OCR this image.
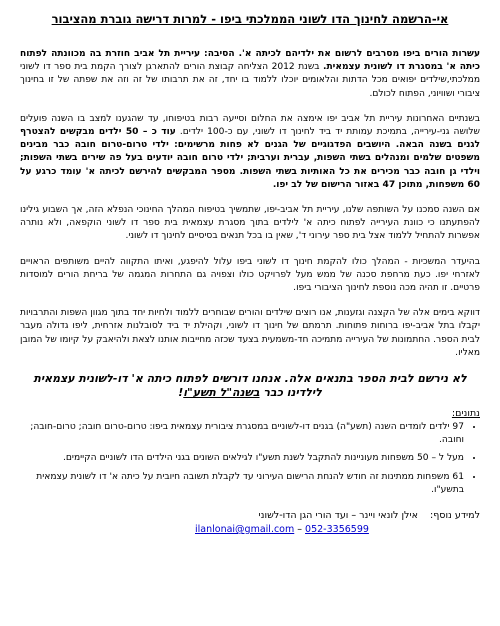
אי-הרשמה לחינוך הדו לשוני הממלכתי ביפו - למרות דרישה גוברת מהציבור

עשרות הורים ביפו מסרבים לרשום את ילדיהם לכיתה א'. הסיבה: עיריית תל אביב חוזרת בה מכוונתה לפתוח כיתה א' במסגרת דו לשונית עצמאית. בשנת 2012 הצליחה קבוצת הורים להתארגן לצורך הקמת בית ספר דו לשוני ממלכתי,שילדים יפואים מכל הדתות והלאומים יוכלו ללמוד בו יחד, זה את תרבותו של זה וזה את שפתה של זו בחינוך ציבורי ושוויוני, הפתוח לכולם.

בשנתיים האחרונות עיריית תל אביב יפו אימצה את החלום וסייעה רבות בטיפוחו, עד שהגענו למצב בו השנה פועלים שלושה גני-עירייה, בתמיכת עמותת יד ביד לחינוך דו לשוני, עם כ-100 ילדים. עוד כ – 50 ילדים מבקשים להצטרף לגנים בשנה הבאה. היושבים הפדגוגיים של הגנים לא פחות מרשימים: ילדי טרום-טרום חובה כבר מבינים משפטים שלמים ומנהלים בשתי השפות, עברית וערבית; ילדי טרום חובה יודעים בעל פה שירים בשתי השפות; וילדי גן חובה כבר מכירים את כל האותיות בשתי השפות. מספר המבקשים להירשם לכיתה א' עומד כרגע על 60 משפחות, מתוכן 47 באזור הרישום של לב יפו.

אם השנה סמכנו על השותפה שלנו, עיריית תל אביב-יפו, שתמשיך בטיפוח המהלך החינוכי הנפלא הזה, אך השבוע גילינו להפתעתנו כי כוונת העירייה לפתוח כיתה א' לילדים בתוך מסגרת עצמאית בית ספר דו לשוני הוקפאה, ולא נותרה אפשרות להתחיל ללמוד אצל בית ספר עירוני ד', שאין בו בכל תנאים בסיסיים לחינוך דו לשוני.

בהיעדר המשכיות - המהלך כולו להקמת חינוך דו לשוני ביפו עלול להיפגע, ואיתו התקווה להיים משותפים הראויים לאזרחי יפו. כעת מרחפת סכנה של ממש מעל לפרויקט כולו וצפויה גם התחרות המגמה של בריחת הורים למוסדות פרטיים. זו תהיה מכה נוספת לחינוך הציבורי ביפו.

דווקא בימים אלה של הקצנה וגזענות, אנו רוצים שילדים והורים שבוחרים ללמוד ולחיות יחד בתוך מגוון השפות והתרבויות יקבלו בתל אביב-יפו ברוחות פתוחות. תרמתם של חינוך דו לשוני, וקהילת יד ביד לסובלנות אזרחית, ליפו גדולה מעבר לבית הספר. החתמונות של העירייה מתמיכה חד-משמעית בצעד שכזה מחייבות אותנו לצאת ולהיאבק על קיומו של המובן מאליו.

לא נירשם לבית הספר בתנאים אלה. אנחנו דורשים לפתוח כיתה א' דו-לשונית עצמאית
לילדינו כבר בשנה"ל תשע"ו!
נתונים:
• 97 ילדים לומדים השנה (תשע"ה) בגנים דו-לשוניים במסגרת ציבורית עצמאית ביפו: טרום-טרום חובה; טרום-חובה; וחובה.
• מעל ל – 50 משפחות מעוניינות להתקבל לשנת תשע"ו לגילאים השונים בגני הילדים הדו לשוניים הקיימים.
• 61 משפחות ממתינות זה חודש להנחת הרישום העירוני עד לקבלת תשובה חיובית על כיתה א' דו לשונית עצמאית בתשע"ו.
למידע נוסף:    אילן לונאי ויינר – ועד הורי הגן הדו-לשוני
ilanlonai@gmail.com – 052-3356599
